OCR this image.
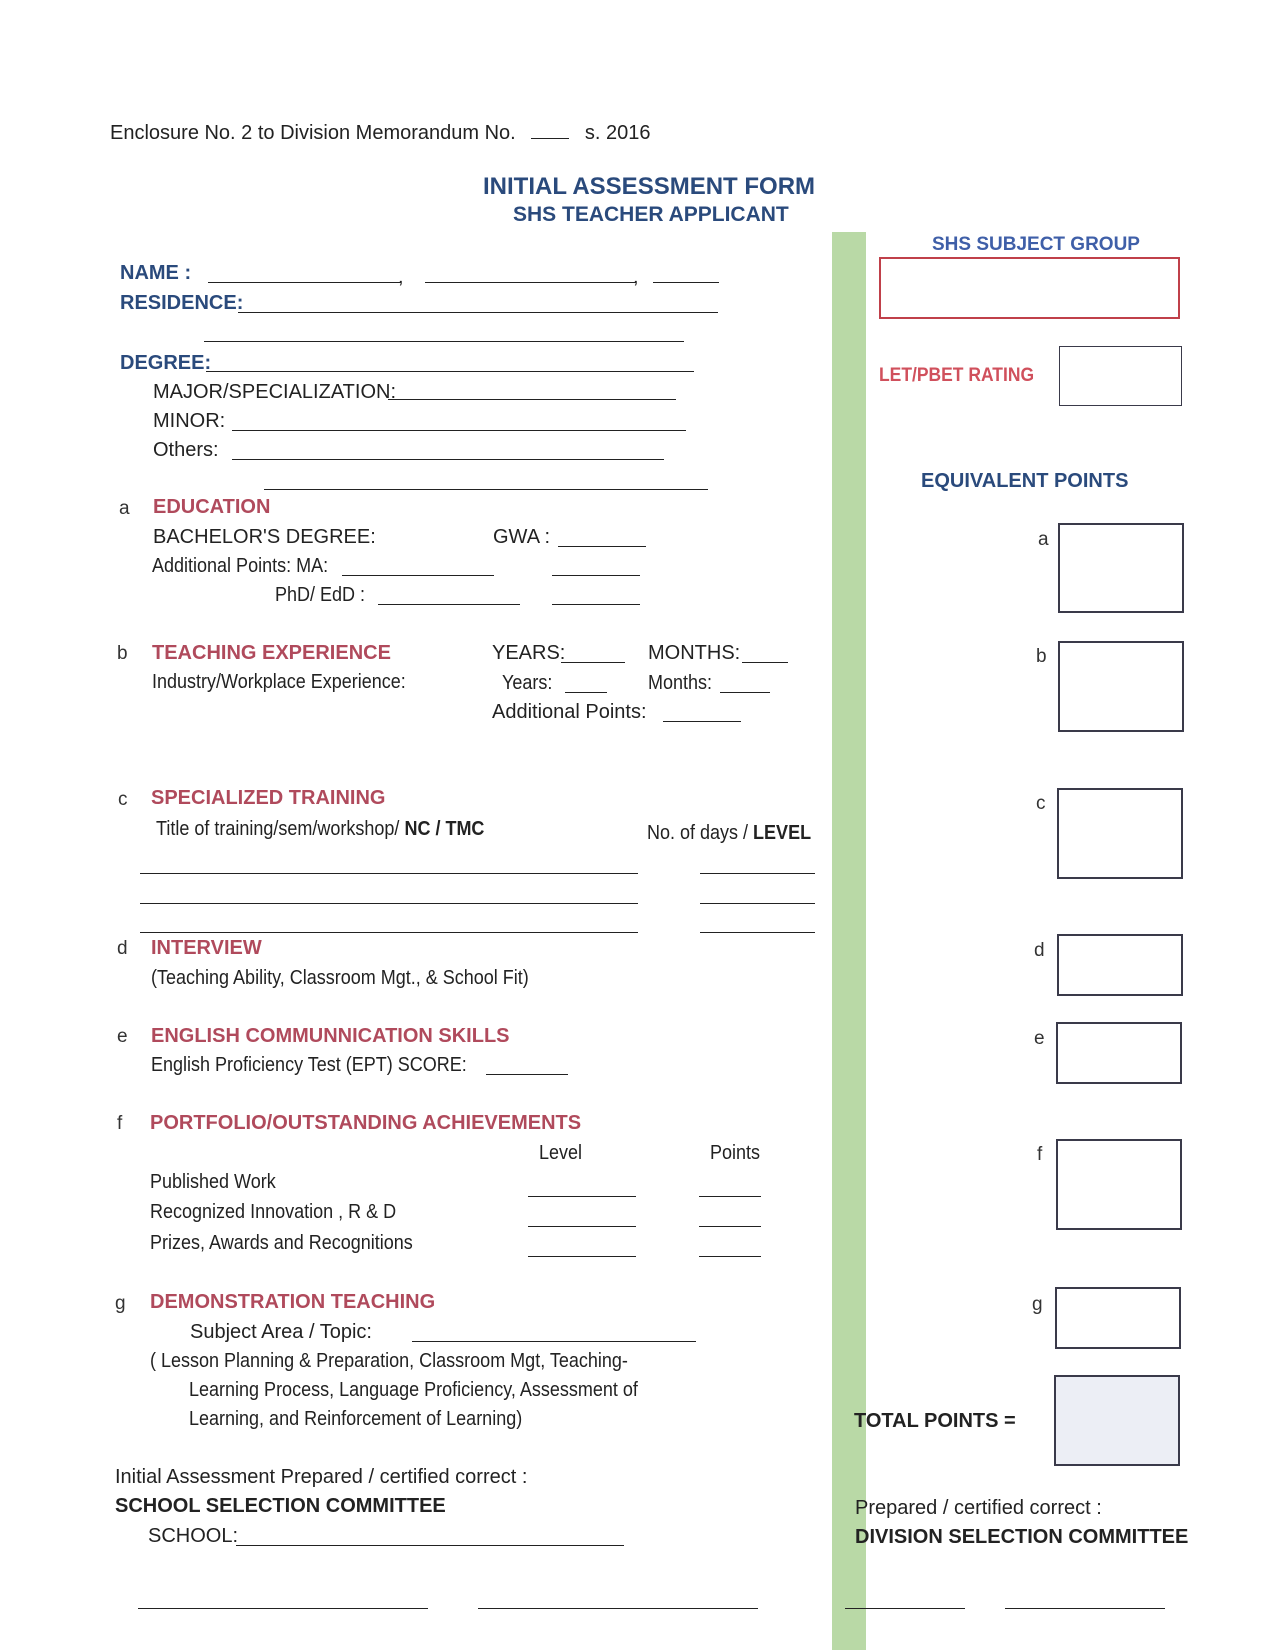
Enclosure No. 2 to Division Memorandum No.	s. 2016
INITIAL ASSESSMENT FORM
SHS TEACHER APPLICANT
NAME :	,	,
RESIDENCE:
DEGREE:
MAJOR/SPECIALIZATION:
MINOR:
Others:
a EDUCATION
BACHELOR'S DEGREE:	GWA :
Additional Points: MA:
PhD/ EdD :
b TEACHING EXPERIENCE	YEARS:	MONTHS:
Industry/Workplace Experience:	Years:	Months:
Additional Points:
c SPECIALIZED TRAINING
Title of training/sem/workshop/ NC / TMC	No. of days / LEVEL
d INTERVIEW
(Teaching Ability, Classroom Mgt., & School Fit)
e ENGLISH COMMUNNICATION SKILLS
English Proficiency Test (EPT) SCORE:
f PORTFOLIO/OUTSTANDING ACHIEVEMENTS
Level	Points
Published Work
Recognized Innovation , R & D
Prizes, Awards and Recognitions
g DEMONSTRATION TEACHING
Subject Area / Topic:
( Lesson Planning & Preparation, Classroom Mgt, Teaching-
Learning Process, Language Proficiency, Assessment of
Learning, and Reinforcement of Learning)
Initial Assessment Prepared / certified correct :
SCHOOL SELECTION COMMITTEE
SCHOOL:
SHS SUBJECT GROUP
LET/PBET RATING
EQUIVALENT POINTS
a
b
c
d
e
f
g
TOTAL POINTS =
Prepared / certified correct :
DIVISION SELECTION COMMITTEE
